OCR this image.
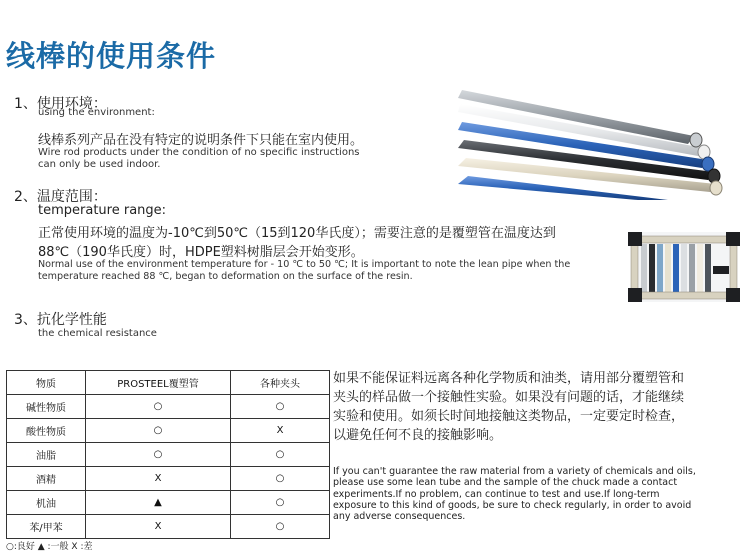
线棒的使用条件
1、使用环境：
using the environment:
线棒系列产品在没有特定的说明条件下只能在室内使用。
Wire rod products under the condition of no specific instructions
can only be used indoor.
2、温度范围：
temperature range:
正常使用环境的温度为-10℃到50℃（15到120华氏度）；需要注意的是覆塑管在温度达到
88℃（190华氏度）时，HDPE塑料树脂层会开始变形。
Normal use of the environment temperature for - 10 ℃ to 50 ℃; It is important to note the lean pipe when the
temperature reached 88 ℃, began to deformation on the surface of the resin.
3、抗化学性能
the chemical resistance
物质	PROSTEEL覆塑管	各种夹头
碱性物质	○	○
酸性物质	○	X
油脂	○	○
酒精	X	○
机油	▲	○
苯/甲苯	X	○
○:良好 ▲ :一般 X :差
如果不能保证料远离各种化学物质和油类，请用部分覆塑管和
夹头的样品做一个接触性实验。如果没有问题的话，才能继续
实验和使用。如须长时间地接触这类物品，一定要定时检查，
以避免任何不良的接触影响。
If you can't guarantee the raw material from a variety of chemicals and oils,
please use some lean tube and the sample of the chuck made a contact
experiments.If no problem, can continue to test and use.If long-term
exposure to this kind of goods, be sure to check regularly, in order to avoid
any adverse consequences.
